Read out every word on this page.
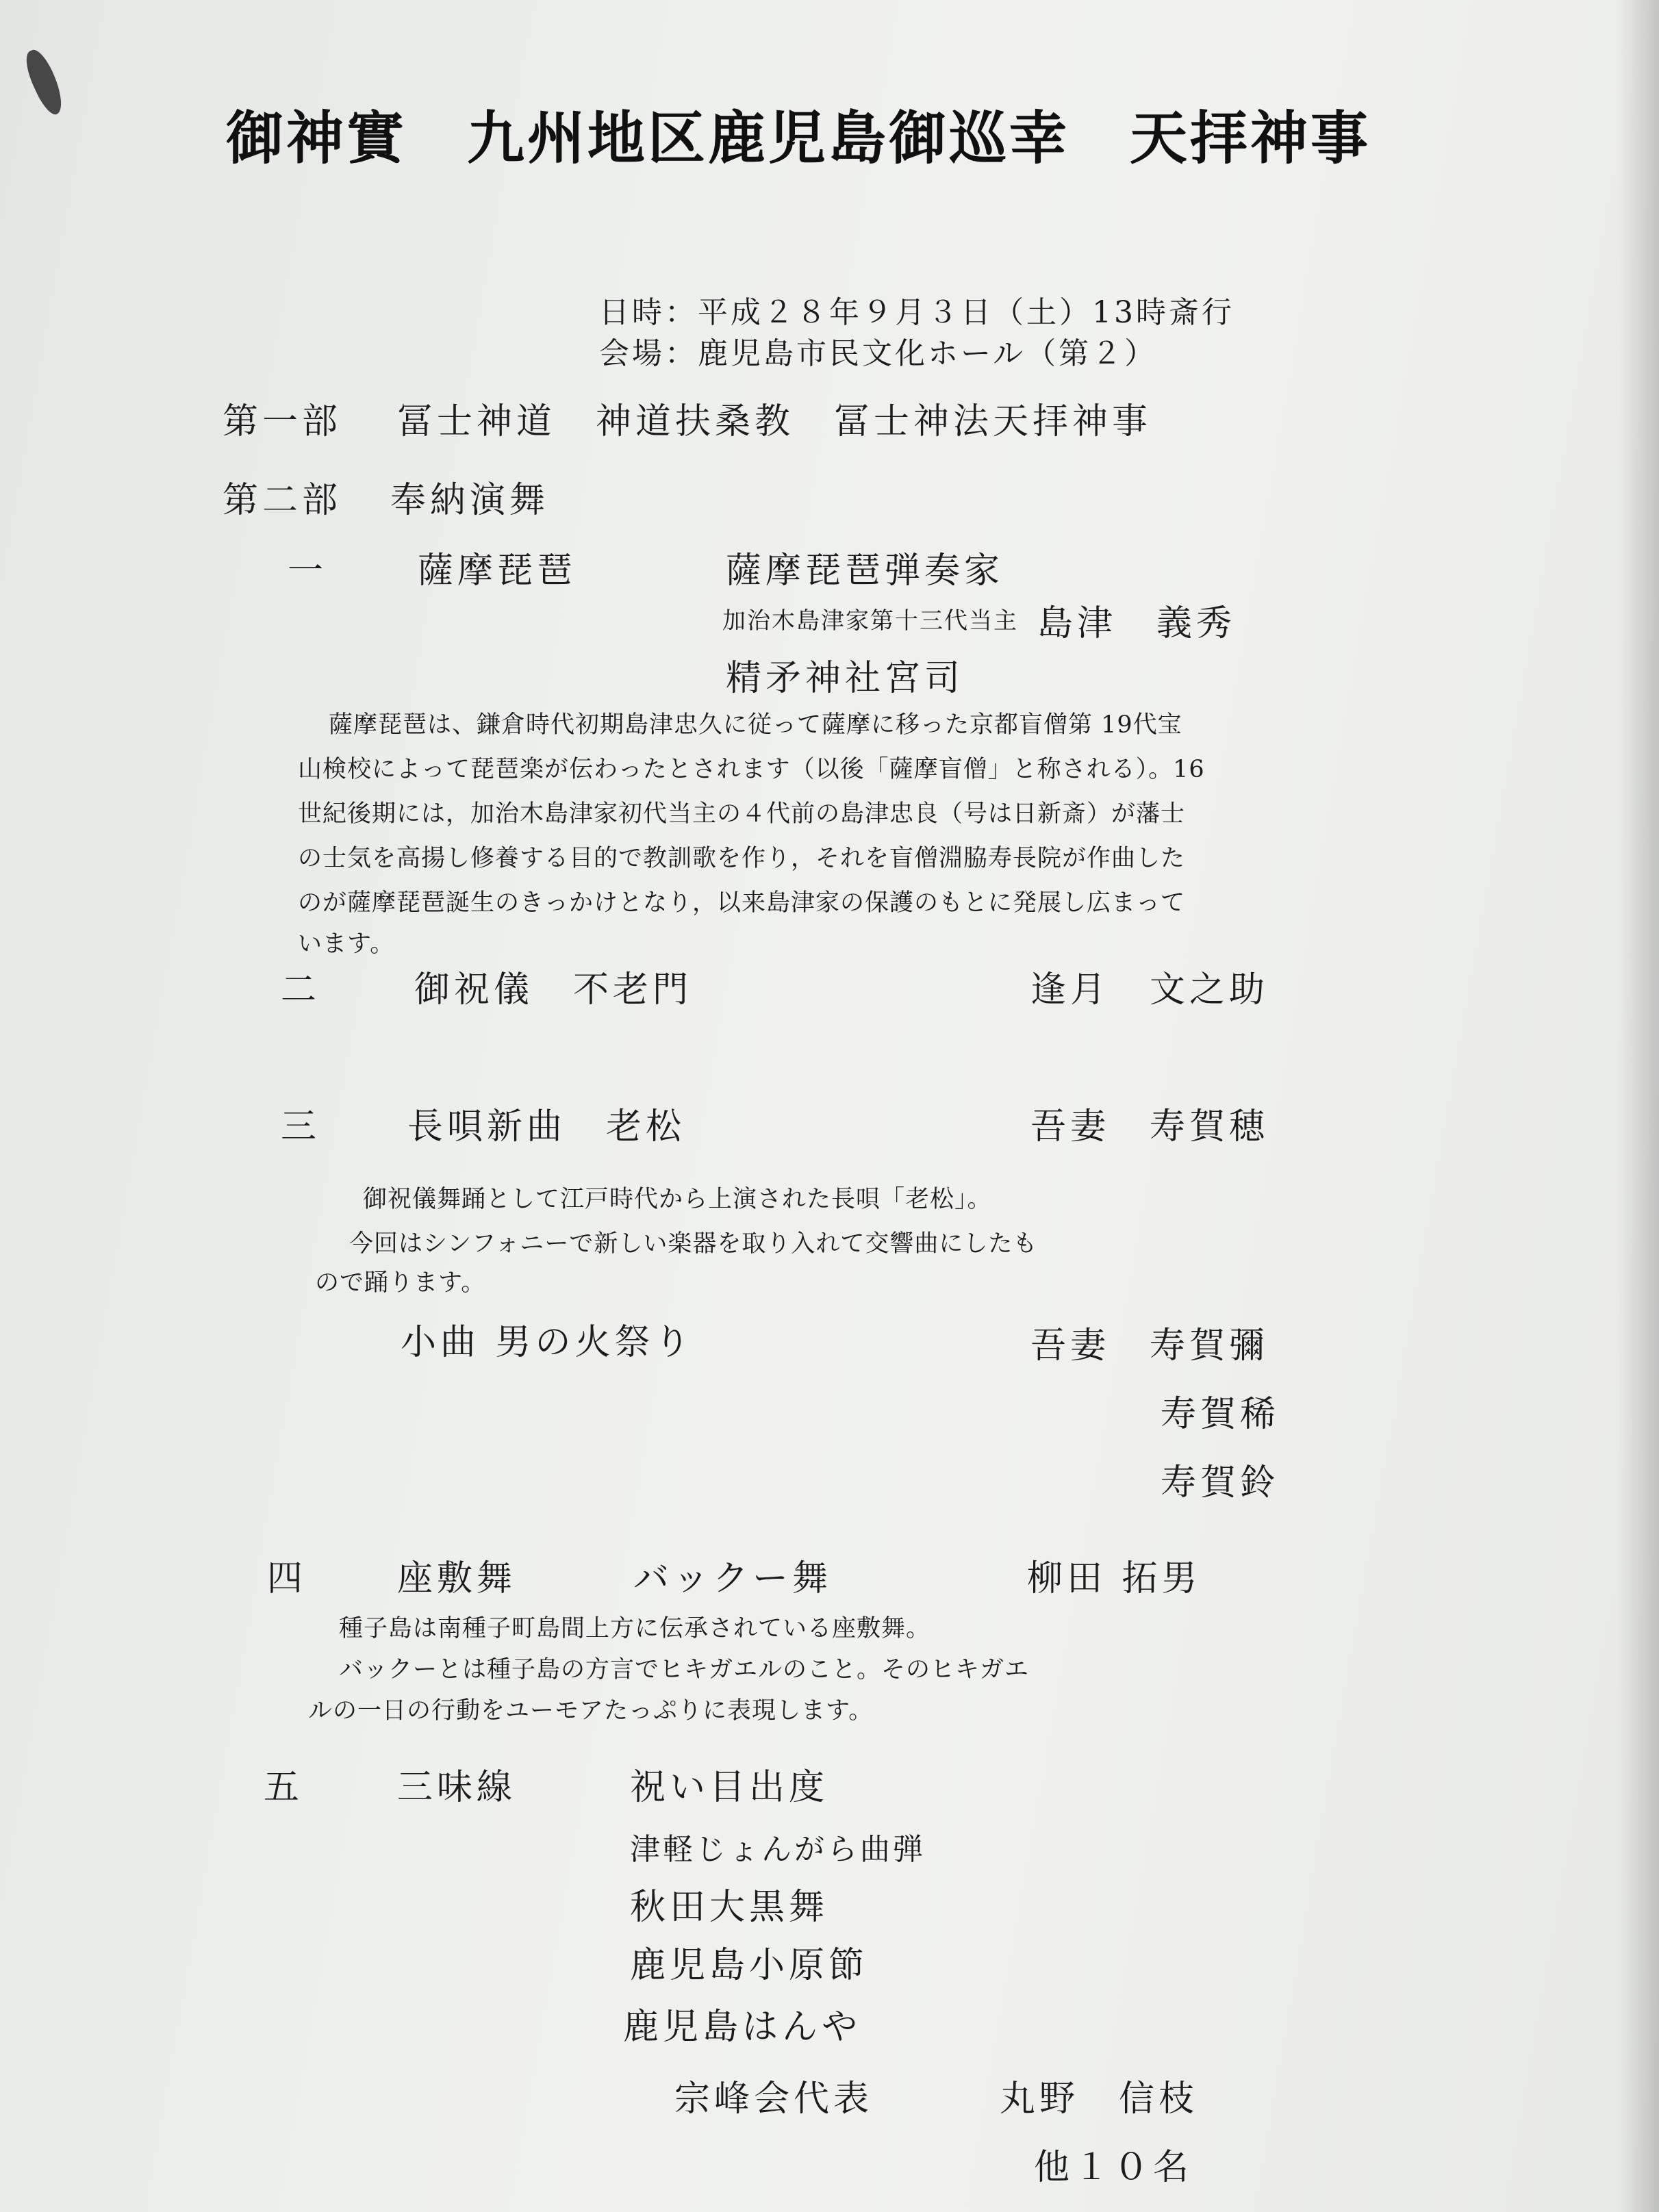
御神實　九州地区鹿児島御巡幸　天拝神事
日時：平成２８年９月３日（土）13時斎行
会場：鹿児島市民文化ホール（第２）
第一部 冨士神道　神道扶桑教　冨士神法天拝神事
第二部 奉納演舞
一	薩摩琵琶	薩摩琵琶弾奏家
加治木島津家第十三代当主 島津　義秀
精矛神社宮司
薩摩琵琶は、鎌倉時代初期島津忠久に従って薩摩に移った京都盲僧第 19代宝
山検校によって琵琶楽が伝わったとされます（以後「薩摩盲僧」と称される）。16
世紀後期には，加治木島津家初代当主の４代前の島津忠良（号は日新斎）が藩士
の士気を高揚し修養する目的で教訓歌を作り，それを盲僧淵脇寿長院が作曲した
のが薩摩琵琶誕生のきっかけとなり，以来島津家の保護のもとに発展し広まって
います。
二	御祝儀　不老門	逢月　文之助
三	長唄新曲　老松	吾妻　寿賀穂
御祝儀舞踊として江戸時代から上演された長唄「老松」。
今回はシンフォニーで新しい楽器を取り入れて交響曲にしたも
ので踊ります。
小曲 男の火祭り	吾妻　寿賀彌
寿賀稀
寿賀鈴
四	座敷舞	バックー舞	柳田 拓男
種子島は南種子町島間上方に伝承されている座敷舞。
バックーとは種子島の方言でヒキガエルのこと。そのヒキガエ
ルの一日の行動をユーモアたっぷりに表現します。
五	三味線	祝い目出度
津軽じょんがら曲弾
秋田大黒舞
鹿児島小原節
鹿児島はんや
宗峰会代表	丸野　信枝
他１０名
